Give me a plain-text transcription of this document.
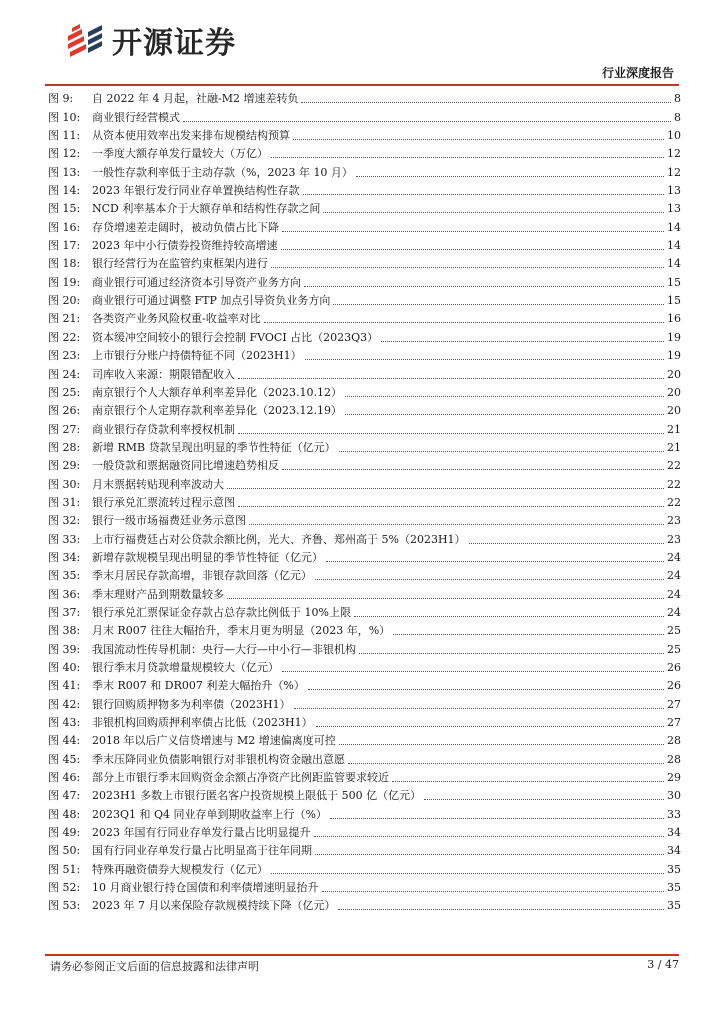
开源证券
行业深度报告
图 9:	自 2022 年 4 月起，社融-M2 增速差转负	8
图 10:	商业银行经营模式	8
图 11:	从资本使用效率出发来排布规模结构预算	10
图 12:	一季度大额存单发行量较大（万亿）	12
图 13:	一般性存款利率低于主动存款（%，2023 年 10 月）	12
图 14:	2023 年银行发行同业存单置换结构性存款	13
图 15:	NCD 利率基本介于大额存单和结构性存款之间	13
图 16:	存贷增速差走阔时，被动负债占比下降	14
图 17:	2023 年中小行债券投资维持较高增速	14
图 18:	银行经营行为在监管约束框架内进行	14
图 19:	商业银行可通过经济资本引导资产业务方向	15
图 20:	商业银行可通过调整 FTP 加点引导资负业务方向	15
图 21:	各类资产业务风险权重-收益率对比	16
图 22:	资本缓冲空间较小的银行会控制 FVOCI 占比（2023Q3）	19
图 23:	上市银行分账户持债特征不同（2023H1）	19
图 24:	司库收入来源：期限错配收入	20
图 25:	南京银行个人大额存单利率差异化（2023.10.12）	20
图 26:	南京银行个人定期存款利率差异化（2023.12.19）	20
图 27:	商业银行存贷款利率授权机制	21
图 28:	新增 RMB 贷款呈现出明显的季节性特征（亿元）	21
图 29:	一般贷款和票据融资同比增速趋势相反	22
图 30:	月末票据转贴现利率波动大	22
图 31:	银行承兑汇票流转过程示意图	22
图 32:	银行一级市场福费廷业务示意图	23
图 33:	上市行福费廷占对公贷款余额比例，光大、齐鲁、郑州高于 5%（2023H1）	23
图 34:	新增存款规模呈现出明显的季节性特征（亿元）	24
图 35:	季末月居民存款高增，非银存款回落（亿元）	24
图 36:	季末理财产品到期数量较多	24
图 37:	银行承兑汇票保证金存款占总存款比例低于 10%上限	24
图 38:	月末 R007 往往大幅抬升，季末月更为明显（2023 年，%）	25
图 39:	我国流动性传导机制：央行—大行—中小行—非银机构	25
图 40:	银行季末月贷款增量规模较大（亿元）	26
图 41:	季末 R007 和 DR007 利差大幅抬升（%）	26
图 42:	银行回购质押物多为利率债（2023H1）	27
图 43:	非银机构回购质押利率债占比低（2023H1）	27
图 44:	2018 年以后广义信贷增速与 M2 增速偏离度可控	28
图 45:	季末压降同业负债影响银行对非银机构资金融出意愿	28
图 46:	部分上市银行季末回购资金余额占净资产比例距监管要求较近	29
图 47:	2023H1 多数上市银行匿名客户投资规模上限低于 500 亿（亿元）	30
图 48:	2023Q1 和 Q4 同业存单到期收益率上行（%）	33
图 49:	2023 年国有行同业存单发行量占比明显提升	34
图 50:	国有行同业存单发行量占比明显高于往年同期	34
图 51:	特殊再融资债券大规模发行（亿元）	35
图 52:	10 月商业银行持仓国债和利率债增速明显抬升	35
图 53:	2023 年 7 月以来保险存款规模持续下降（亿元）	35
请务必参阅正文后面的信息披露和法律声明	3 / 47
